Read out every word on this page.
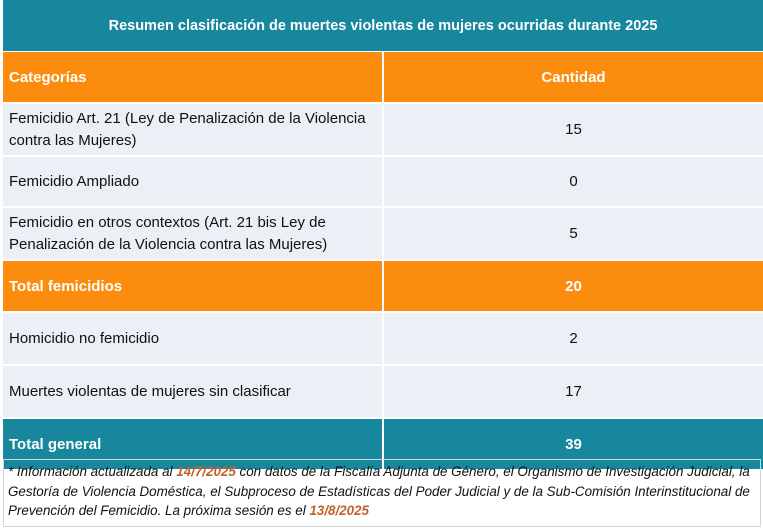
Resumen clasificación de muertes violentas de mujeres ocurridas durante 2025	
Categorías	Cantidad
Femicidio Art. 21 (Ley de Penalización de la Violencia contra las Mujeres)	15
Femicidio Ampliado	0
Femicidio en otros contextos (Art. 21 bis Ley de Penalización de la Violencia contra las Mujeres)	5
Total femicidios	20
Homicidio no femicidio	2
Muertes violentas de mujeres sin clasificar	17
Total general	39
* Información actualizada al 14/7/2025 con datos de la Fiscalía Adjunta de Género, el Organismo de Investigación Judicial, la Gestoría de Violencia Doméstica, el Subproceso de Estadísticas del Poder Judicial y de la Sub-Comisión Interinstitucional de Prevención del Femicidio. La próxima sesión es el 13/8/2025
